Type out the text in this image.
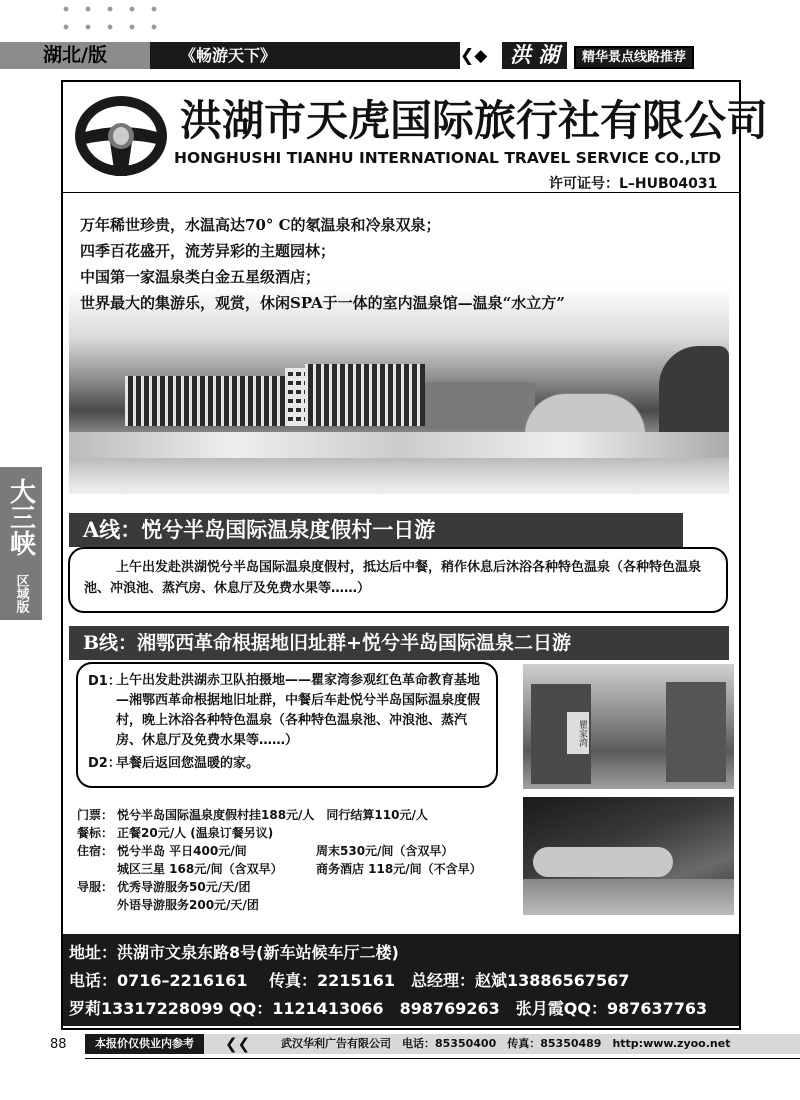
湖北/版	《畅游天下》	❮◆	洪 湖	精华景点线路推荐
大三峡
区域版
洪湖市天虎国际旅行社有限公司
HONGHUSHI TIANHU INTERNATIONAL TRAVEL SERVICE CO.,LTD
许可证号：L–HUB04031
万年稀世珍贵，水温高达70° C的氡温泉和冷泉双泉；
四季百花盛开，流芳异彩的主题园林；
中国第一家温泉类白金五星级酒店；
世界最大的集游乐，观赏，休闲SPA于一体的室内温泉馆—温泉“水立方”
A线：悦兮半岛国际温泉度假村一日游
上午出发赴洪湖悦兮半岛国际温泉度假村，抵达后中餐，稍作休息后沐浴各种特色温泉（各种特色温泉池、冲浪池、蒸汽房、休息厅及免费水果等……）
B线：湘鄂西革命根据地旧址群+悦兮半岛国际温泉二日游
D1：
上午出发赴洪湖赤卫队拍摄地——瞿家湾参观红色革命教育基地—湘鄂西革命根据地旧址群，中餐后车赴悦兮半岛国际温泉度假村，晚上沐浴各种特色温泉（各种特色温泉池、冲浪池、蒸汽房、休息厅及免费水果等……）
D2：
早餐后返回您温暖的家。
瞿家湾
门票： 悦兮半岛国际温泉度假村挂188元/人　同行结算110元/人
餐标： 正餐20元/人 (温泉订餐另议)
住宿： 悦兮半岛 平日400元/间	周末530元/间（含双早）
城区三星 168元/间（含双早）	商务酒店 118元/间（不含早）
导服： 优秀导游服务50元/天/团
外语导游服务200元/天/团
地址：洪湖市文泉东路8号(新车站候车厅二楼)
电话：0716–2216161　 传真：2215161　总经理：赵斌13886567567
罗莉13317228099 QQ：1121413066　898769263　张月霞QQ：987637763
88	本报价仅供业内参考	❮❮	武汉华利广告有限公司　电话：85350400　传真：85350489　http:www.zyoo.net
